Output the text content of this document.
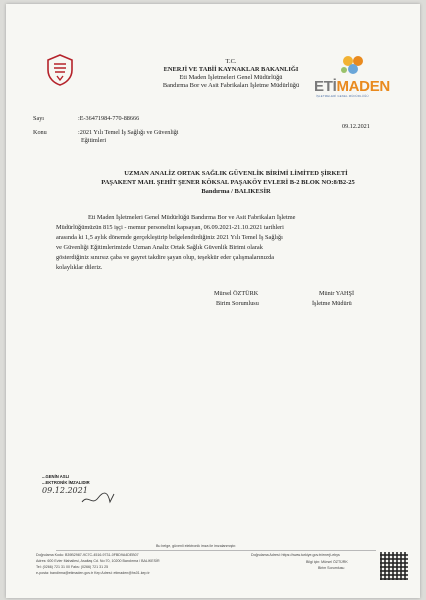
T.C.
ENERJİ VE TABİİ KAYNAKLAR BAKANLIĞI
Eti Maden İşletmeleri Genel Müdürlüğü
Bandırma Bor ve Asit Fabrikaları İşletme Müdürlüğü ETİMADEN
İŞLETMELERİ GENEL MÜDÜRLÜĞÜ
Sayı	:E-36471984-770-88666
09.12.2021
Konu	:2021 Yılı Temel İş Sağlığı ve Güvenliği
Eğitimleri
UZMAN ANALİZ ORTAK SAĞLIK GÜVENLİK BİRİMİ LİMİTED ŞİRKETİ
PAŞAKENT MAH. ŞEHİT ŞENER KÖKSAL PAŞAKÖY EVLERİ B-2 BLOK NO:8/B2-25
Bandırma / BALIKESİR
Eti Maden İşletmeleri Genel Müdürlüğü Bandırma Bor ve Asit Fabrikaları İşletme
Müdürlüğümüzün 815 işçi - memur personelini kapsayan, 06.09.2021-21.10.2021 tarihleri
arasında ki 1,5 aylık dönemde gerçekleştirip belgelendirdiğiniz 2021 Yılı Temel İş Sağlığı
ve Güvenliği Eğitimlerimizde Uzman Analiz Ortak Sağlık Güvenlik Birimi olarak
gösterdiğiniz sınırsız çaba ve gayret takdire şayan olup, teşekkür eder çalışmalarınızda
kolaylıklar dileriz.
Mürsel ÖZTÜRK
Birim Sorumlusu
Münir YAHŞİ
İşletme Müdürü
...GENİN ASLI
...EKTRONİK İMZALIDIR
09.12.2021
Bu belge, güvenli elektronik imza ile imzalanmıştır.
Doğrulama Kodu: B39B2987-9C7C-4516-9731-0FBD9A4DEB07
Adres: 600 Evler Mahallesi, Asaltaş Cd. No:70, 10200 Bandırma / BALIKESİR
Tel: (0266) 721 31 00 Faks: (0266) 721 31 25
e-posta: bandirma@etimaden.gov.tr Kep Adresi: etimaden@hs01.kep.tr
Doğrulama Adresi: https://www.turkiye.gov.tr/enerji-ebys
Bilgi için: Mürsel ÖZTÜRK
Birim Sorumlusu
